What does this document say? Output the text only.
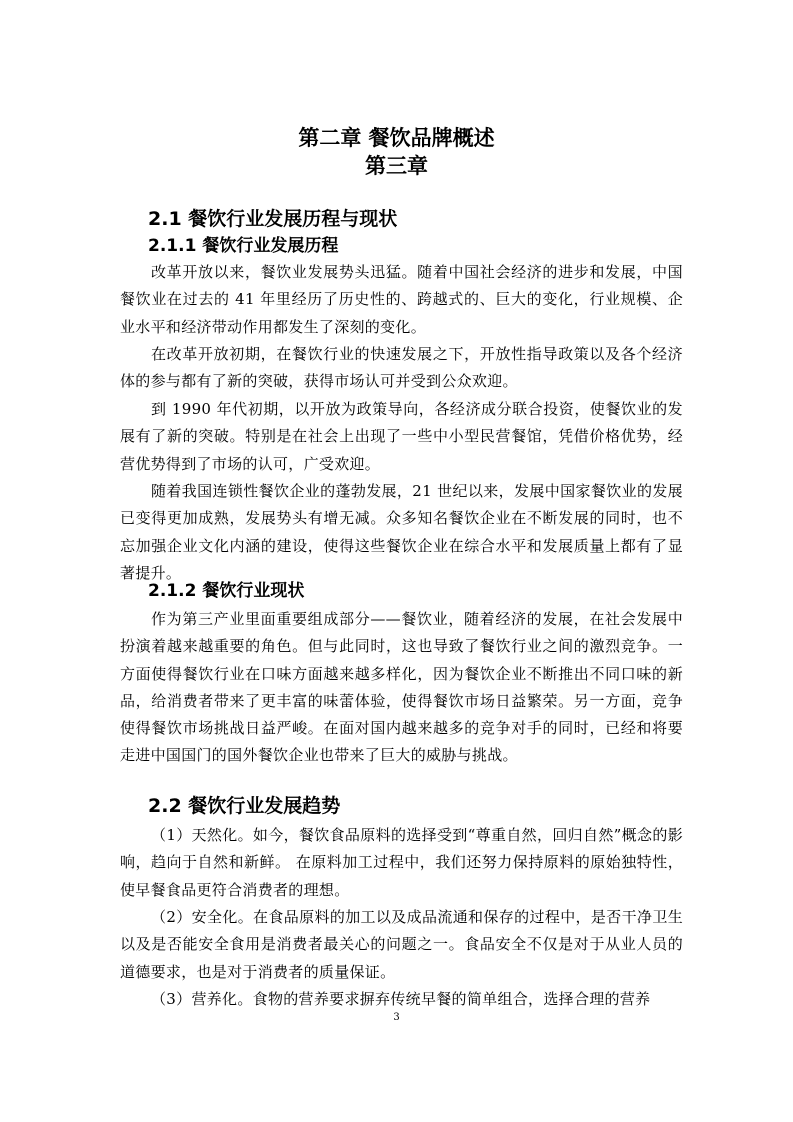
第二章 餐饮品牌概述
第三章
2.1 餐饮行业发展历程与现状
2.1.1 餐饮行业发展历程

改革开放以来，餐饮业发展势头迅猛。随着中国社会经济的进步和发展，中国餐饮业在过去的 41 年里经历了历史性的、跨越式的、巨大的变化，行业规模、企业水平和经济带动作用都发生了深刻的变化。

在改革开放初期，在餐饮行业的快速发展之下，开放性指导政策以及各个经济体的参与都有了新的突破，获得市场认可并受到公众欢迎。

到 1990 年代初期，以开放为政策导向，各经济成分联合投资，使餐饮业的发展有了新的突破。特别是在社会上出现了一些中小型民营餐馆，凭借价格优势，经营优势得到了市场的认可，广受欢迎。

随着我国连锁性餐饮企业的蓬勃发展，21 世纪以来，发展中国家餐饮业的发展已变得更加成熟，发展势头有增无减。众多知名餐饮企业在不断发展的同时，也不忘加强企业文化内涵的建设，使得这些餐饮企业在综合水平和发展质量上都有了显著提升。

2.1.2 餐饮行业现状

作为第三产业里面重要组成部分——餐饮业，随着经济的发展，在社会发展中扮演着越来越重要的角色。但与此同时，这也导致了餐饮行业之间的激烈竞争。一方面使得餐饮行业在口味方面越来越多样化，因为餐饮企业不断推出不同口味的新品，给消费者带来了更丰富的味蕾体验，使得餐饮市场日益繁荣。另一方面，竞争使得餐饮市场挑战日益严峻。在面对国内越来越多的竞争对手的同时，已经和将要走进中国国门的国外餐饮企业也带来了巨大的威胁与挑战。

2.2 餐饮行业发展趋势

（1）天然化。如今，餐饮食品原料的选择受到“尊重自然，回归自然”概念的影响，趋向于自然和新鲜。 在原料加工过程中，我们还努力保持原料的原始独特性，使早餐食品更符合消费者的理想。

（2）安全化。在食品原料的加工以及成品流通和保存的过程中，是否干净卫生以及是否能安全食用是消费者最关心的问题之一。食品安全不仅是对于从业人员的道德要求，也是对于消费者的质量保证。

（3）营养化。食物的营养要求摒弃传统早餐的简单组合，选择合理的营养

3
